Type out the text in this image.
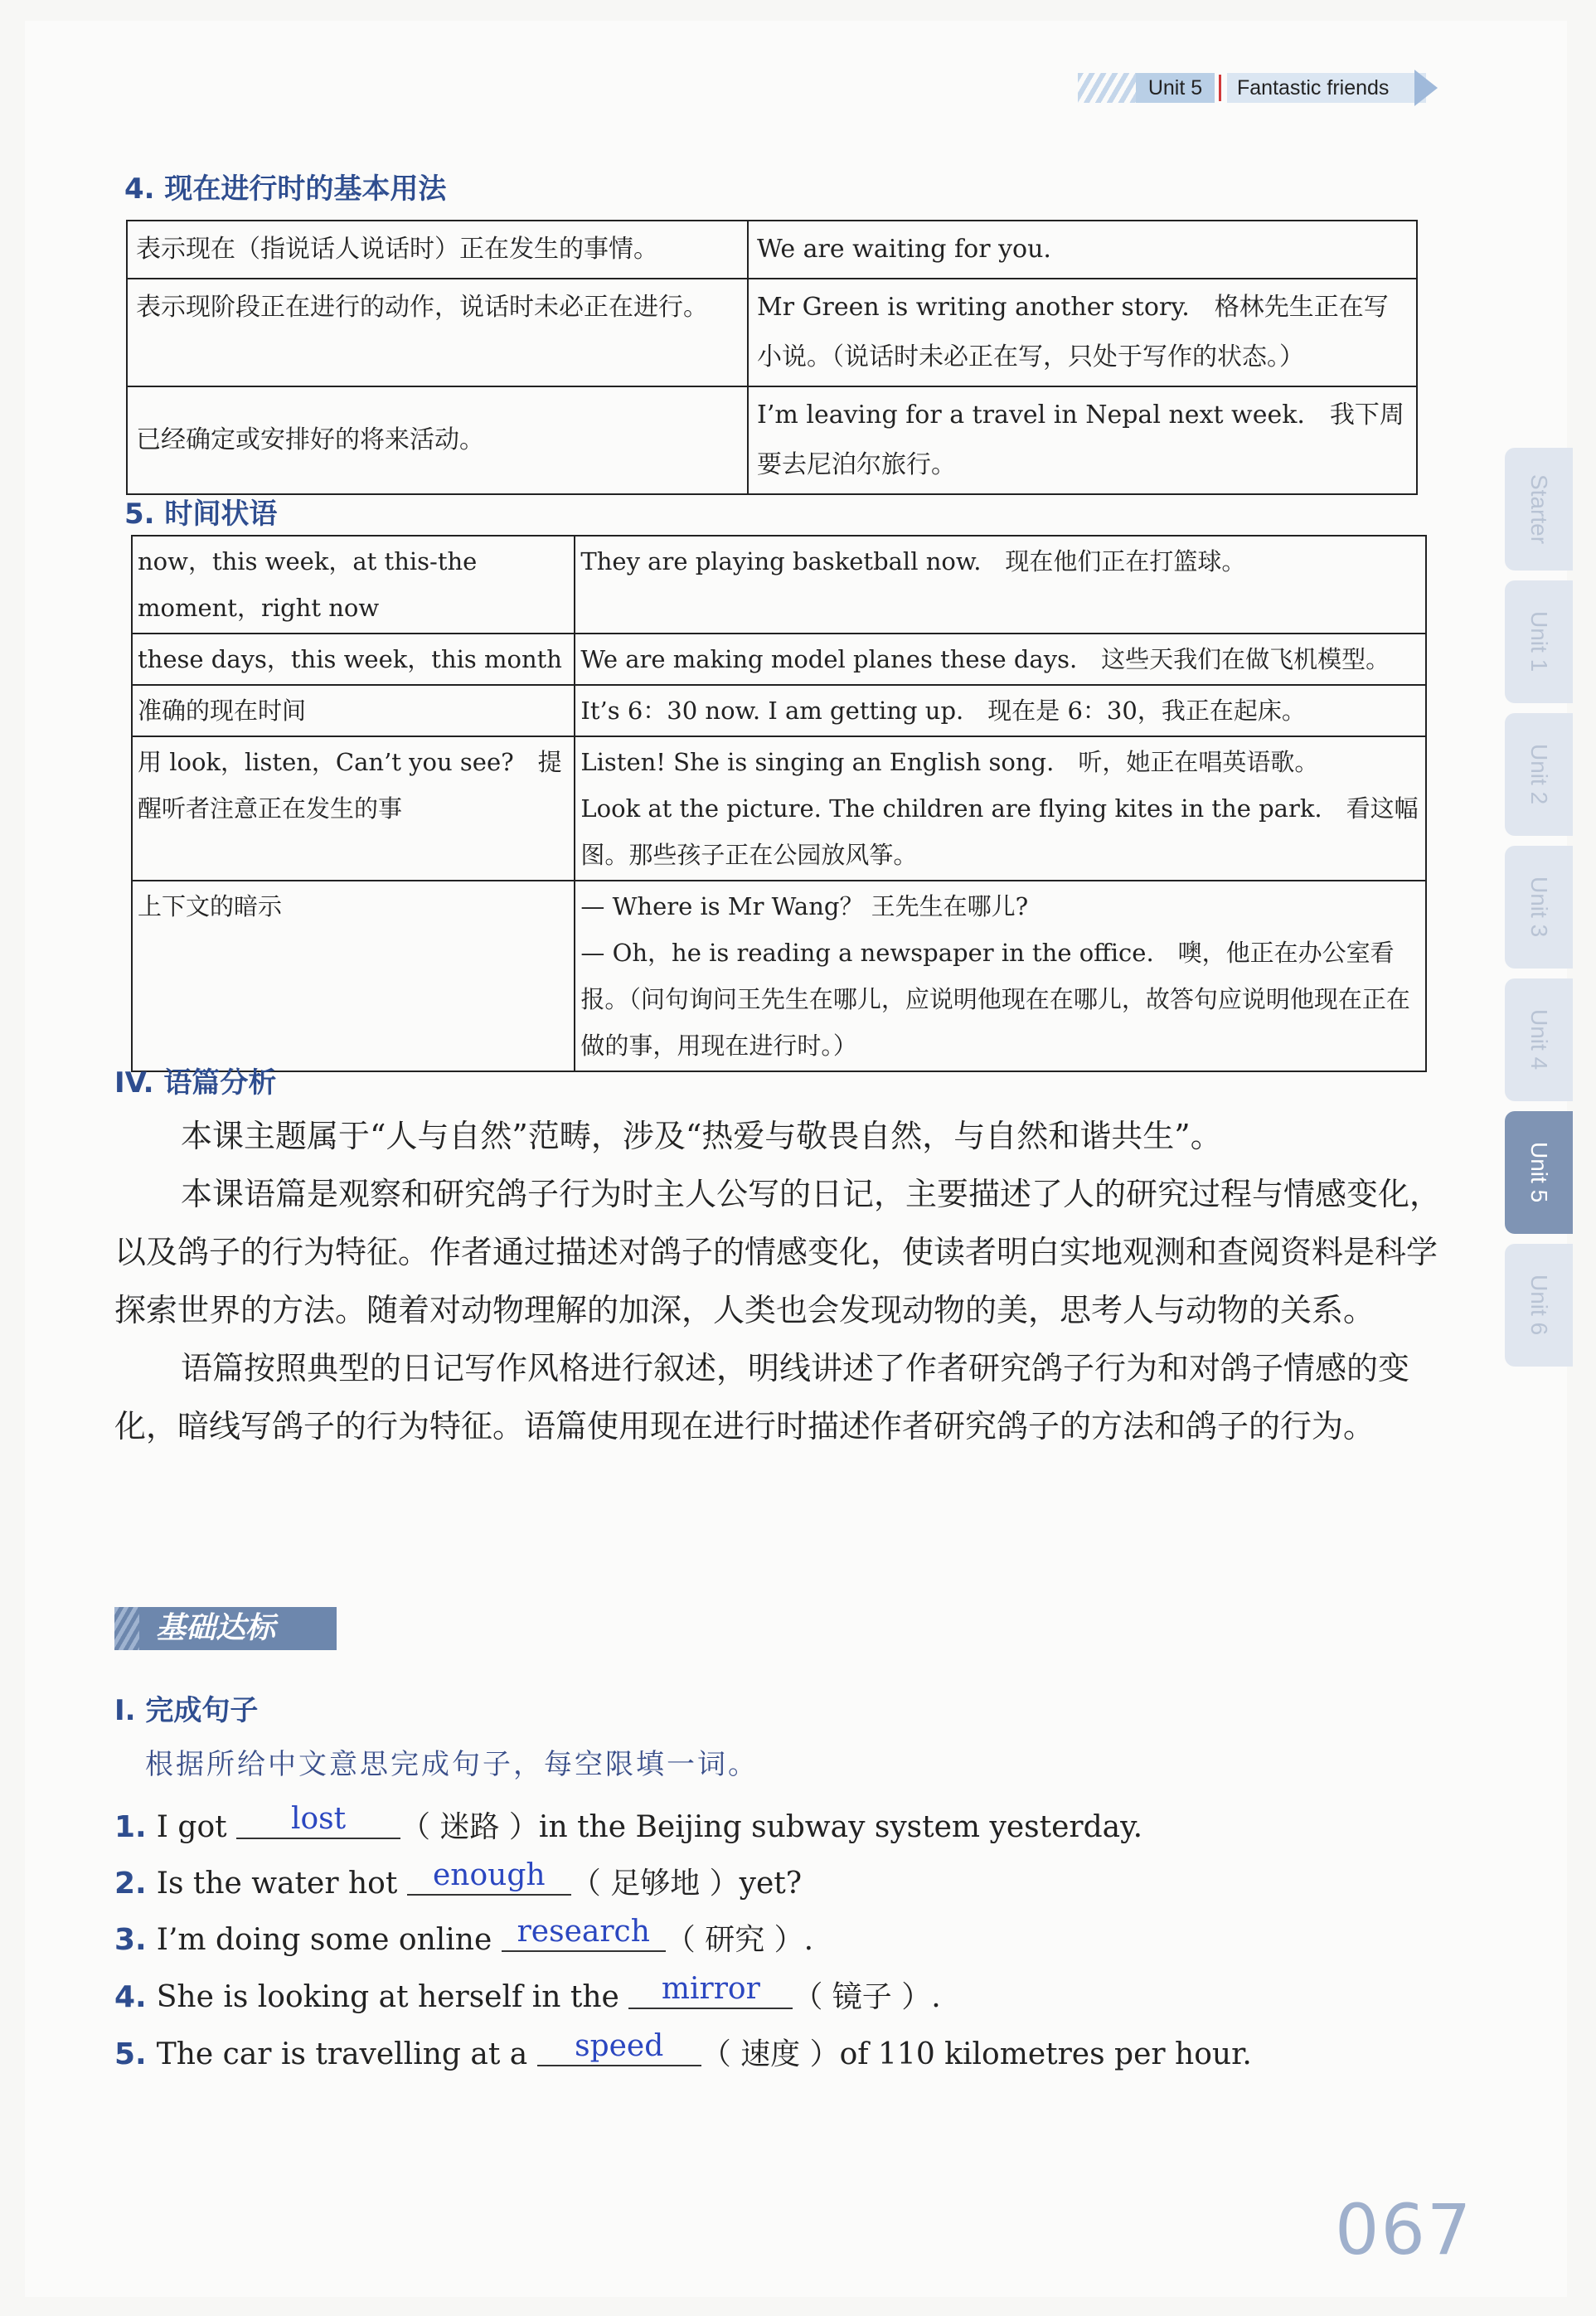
Unit 5	Fantastic friends
Starter
Unit 1
Unit 2
Unit 3
Unit 4
Unit 5
Unit 6
4. 现在进行时的基本用法
表示现在（指说话人说话时）正在发生的事情。	We are waiting for you.
表示现阶段正在进行的动作，说话时未必正在进行。	Mr Green is writing another story.　格林先生正在写小说。（说话时未必正在写，只处于写作的状态。）
已经确定或安排好的将来活动。	I’m leaving for a travel in Nepal next week.　我下周要去尼泊尔旅行。
5. 时间状语
now，this week，at this-the moment，right now	They are playing basketball now.　现在他们正在打篮球。
these days，this week，this month	We are making model planes these days.　这些天我们在做飞机模型。
准确的现在时间	It’s 6：30 now. I am getting up.　现在是 6：30，我正在起床。
用 look，listen，Can’t you see?　提醒听者注意正在发生的事	Listen! She is singing an English song.　听，她正在唱英语歌。
Look at the picture. The children are flying kites in the park.　看这幅图。那些孩子正在公园放风筝。

上下文的暗示	— Where is Mr Wang？ 王先生在哪儿?
— Oh，he is reading a newspaper in the office.　噢，他正在办公室看报。（问句询问王先生在哪儿，应说明他现在在哪儿，故答句应说明他现在正在做的事，用现在进行时。）
IV. 语篇分析

本课主题属于“人与自然”范畴，涉及“热爱与敬畏自然，与自然和谐共生”。

本课语篇是观察和研究鸽子行为时主人公写的日记，主要描述了人的研究过程与情感变化，以及鸽子的行为特征。作者通过描述对鸽子的情感变化，使读者明白实地观测和查阅资料是科学探索世界的方法。随着对动物理解的加深，人类也会发现动物的美，思考人与动物的关系。

语篇按照典型的日记写作风格进行叙述，明线讲述了作者研究鸽子行为和对鸽子情感的变化，暗线写鸽子的行为特征。语篇使用现在进行时描述作者研究鸽子的方法和鸽子的行为。

基础达标
I. 完成句子
根据所给中文意思完成句子，每空限填一词。
1. I got lost （ 迷路 ）in the Beijing subway system yesterday.
2. Is the water hot enough （ 足够地 ）yet?
3. I’m doing some online research （ 研究 ）.
4. She is looking at herself in the mirror （ 镜子 ）.
5. The car is travelling at a speed （ 速度 ）of 110 kilometres per hour.
067
